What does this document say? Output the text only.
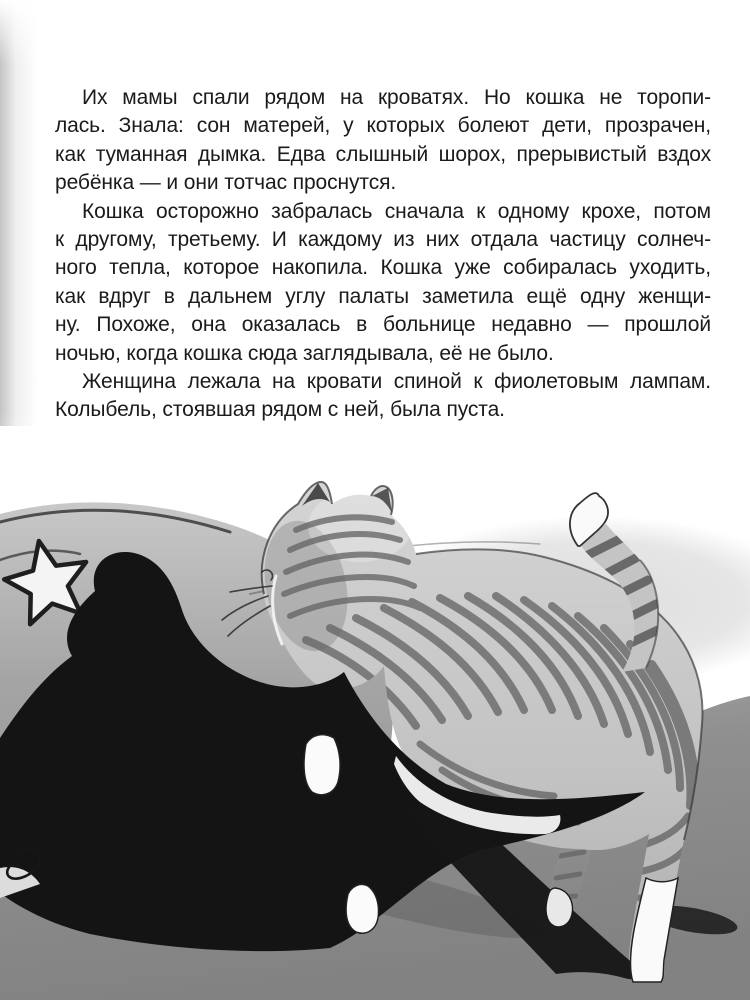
Их мамы спали рядом на кроватях. Но кошка не торопи-
лась. Знала: сон матерей, у которых болеют дети, прозрачен,
как туманная дымка. Едва слышный шорох, прерывистый вздох
ребёнка — и они тотчас проснутся.
Кошка осторожно забралась сначала к одному крохе, потом
к другому, третьему. И каждому из них отдала частицу солнеч-
ного тепла, которое накопила. Кошка уже собиралась уходить,
как вдруг в дальнем углу палаты заметила ещё одну женщи-
ну. Похоже, она оказалась в больнице недавно — прошлой
ночью, когда кошка сюда заглядывала, её не было.
Женщина лежала на кровати спиной к фиолетовым лампам.
Колыбель, стоявшая рядом с ней, была пуста.
